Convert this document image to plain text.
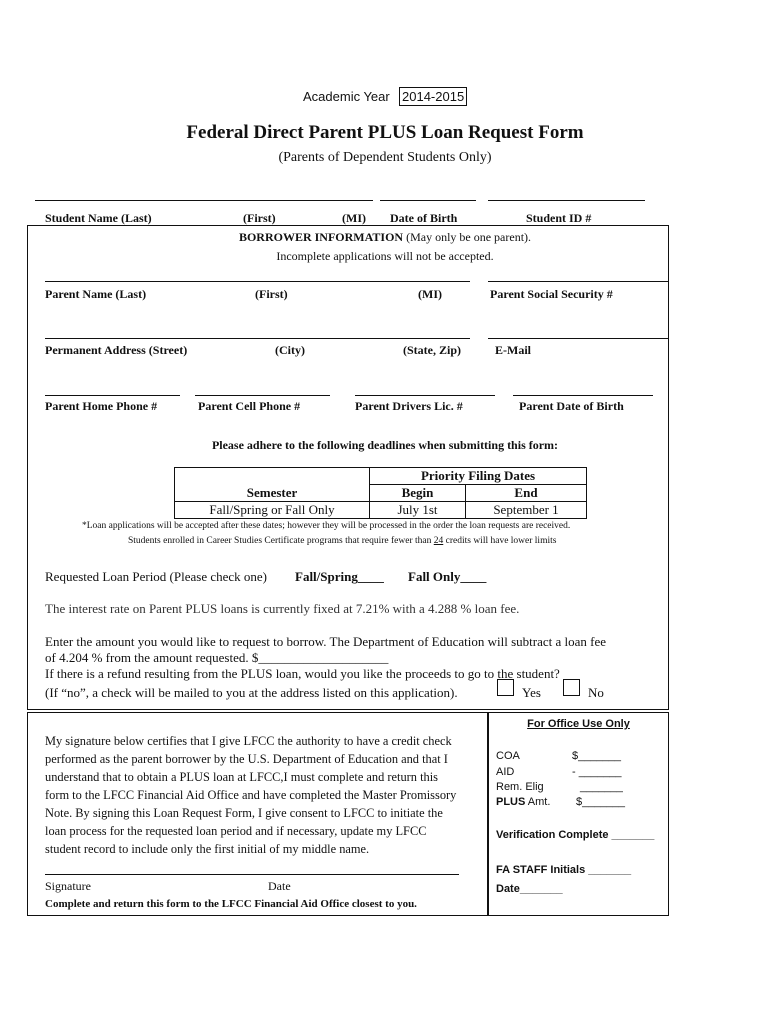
Academic Year 2014-2015
Federal Direct Parent PLUS Loan Request Form
(Parents of Dependent Students Only)
Student Name (Last)	(First)	(MI) Date of Birth	Student ID #
BORROWER INFORMATION (May only be one parent).
Incomplete applications will not be accepted.
Parent Name (Last)	(First)	(MI)	Parent Social Security #
Permanent Address (Street)	(City)	(State, Zip)	E-Mail
Parent Home Phone #	Parent Cell Phone #	Parent Drivers Lic. #	Parent Date of Birth
Please adhere to the following deadlines when submitting this form:
	Priority Filing Dates	
Semester	Begin	End
Fall/Spring or Fall Only	July 1st	September 1
*Loan applications will be accepted after these dates; however they will be processed in the order the loan requests are received.
Students enrolled in Career Studies Certificate programs that require fewer than 24 credits will have lower limits
Requested Loan Period (Please check one) Fall/Spring____ Fall Only____
The interest rate on Parent PLUS loans is currently fixed at 7.21% with a 4.288 % loan fee.
Enter the amount you would like to request to borrow. The Department of Education will subtract a loan fee
of 4.204 % from the amount requested. $____________________
If there is a refund resulting from the PLUS loan, would you like the proceeds to go to the student?
(If “no”, a check will be mailed to you at the address listed on this application).	Yes	No
My signature below certifies that I give LFCC the authority to have a credit check
performed as the parent borrower by the U.S. Department of Education and that I
understand that to obtain a PLUS loan at LFCC,I must complete and return this
form to the LFCC Financial Aid Office and have completed the Master Promissory
Note. By signing this Loan Request Form, I give consent to LFCC to initiate the
loan process for the requested loan period and if necessary, update my LFCC
student record to include only the first initial of my middle name.
Signature	Date
Complete and return this form to the LFCC Financial Aid Office closest to you.
For Office Use Only
COA	$_______
AID	- _______
Rem. Elig	_______
PLUS Amt. $_______
Verification Complete _______
FA STAFF Initials _______
Date_______
